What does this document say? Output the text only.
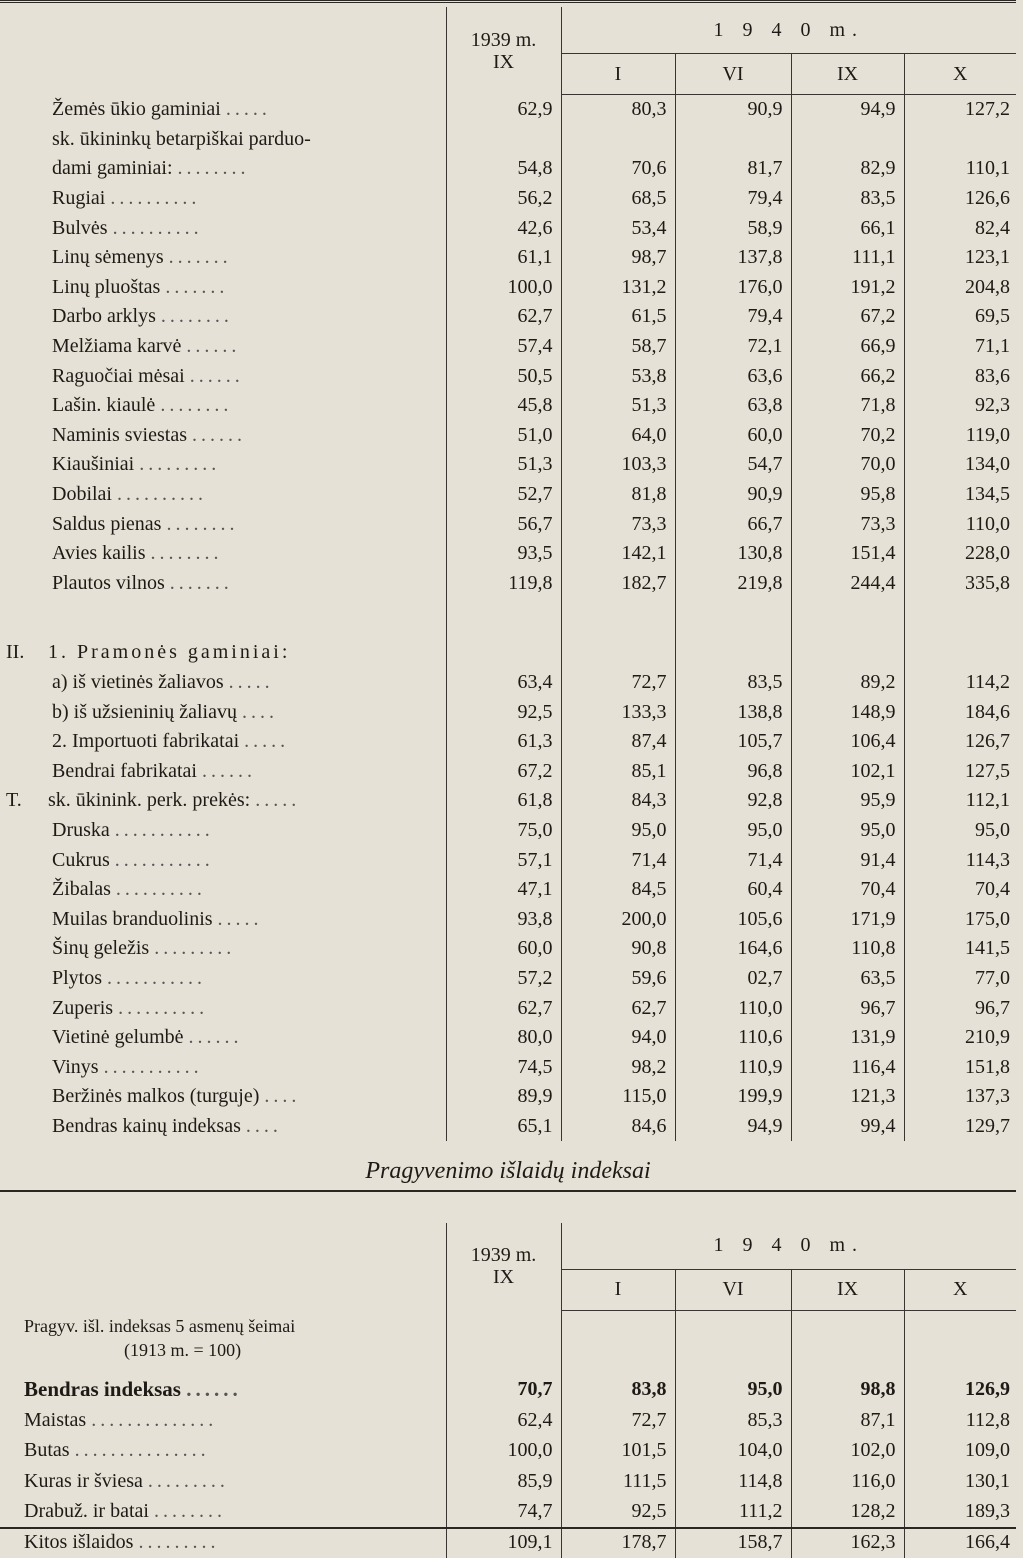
	1939 m.
IX	1 9 4 0 m.			
		I	VI	IX	X
Žemės ūkio gaminiai .....	62,9	80,3	90,9	94,9	127,2
sk. ūkininkų betarpiškai parduo-					
dami gaminiai: ........	54,8	70,6	81,7	82,9	110,1
Rugiai ..........	56,2	68,5	79,4	83,5	126,6
Bulvės ..........	42,6	53,4	58,9	66,1	82,4
Linų sėmenys .......	61,1	98,7	137,8	111,1	123,1
Linų pluoštas .......	100,0	131,2	176,0	191,2	204,8
Darbo arklys ........	62,7	61,5	79,4	67,2	69,5
Melžiama karvė ......	57,4	58,7	72,1	66,9	71,1
Raguočiai mėsai ......	50,5	53,8	63,6	66,2	83,6
Lašin. kiaulė ........	45,8	51,3	63,8	71,8	92,3
Naminis sviestas ......	51,0	64,0	60,0	70,2	119,0
Kiaušiniai .........	51,3	103,3	54,7	70,0	134,0
Dobilai ..........	52,7	81,8	90,9	95,8	134,5
Saldus pienas ........	56,7	73,3	66,7	73,3	110,0
Avies kailis ........	93,5	142,1	130,8	151,4	228,0
Plautos vilnos .......	119,8	182,7	219,8	244,4	335,8

II. 1. Pramonės gaminiai:					
a) iš vietinės žaliavos .....	63,4	72,7	83,5	89,2	114,2
b) iš užsieninių žaliavų ....	92,5	133,3	138,8	148,9	184,6
2. Importuoti fabrikatai .....	61,3	87,4	105,7	106,4	126,7
Bendrai fabrikatai ......	67,2	85,1	96,8	102,1	127,5
T. sk. ūkinink. perk. prekės: .....	61,8	84,3	92,8	95,9	112,1
Druska ...........	75,0	95,0	95,0	95,0	95,0
Cukrus ...........	57,1	71,4	71,4	91,4	114,3
Žibalas ..........	47,1	84,5	60,4	70,4	70,4
Muilas branduolinis .....	93,8	200,0	105,6	171,9	175,0
Šinų geležis .........	60,0	90,8	164,6	110,8	141,5
Plytos ...........	57,2	59,6	02,7	63,5	77,0
Zuperis ..........	62,7	62,7	110,0	96,7	96,7
Vietinė gelumbė ......	80,0	94,0	110,6	131,9	210,9
Vinys ...........	74,5	98,2	110,9	116,4	151,8
Beržinės malkos (turguje) ....	89,9	115,0	199,9	121,3	137,3
Bendras kainų indeksas ....	65,1	84,6	94,9	99,4	129,7
Pragyvenimo išlaidų indeksai

	1939 m.
IX	1 9 4 0 m.			
		I	VI	IX	X

Pragyv. išl. indeksas 5 asmenų šeimai
(1913 m. = 100)					

Bendras indeksas ......	70,7	83,8	95,0	98,8	126,9
Maistas ..............	62,4	72,7	85,3	87,1	112,8
Butas ...............	100,0	101,5	104,0	102,0	109,0
Kuras ir šviesa .........	85,9	111,5	114,8	116,0	130,1
Drabuž. ir batai ........	74,7	92,5	111,2	128,2	189,3
Kitos išlaidos .........	109,1	178,7	158,7	162,3	166,4
